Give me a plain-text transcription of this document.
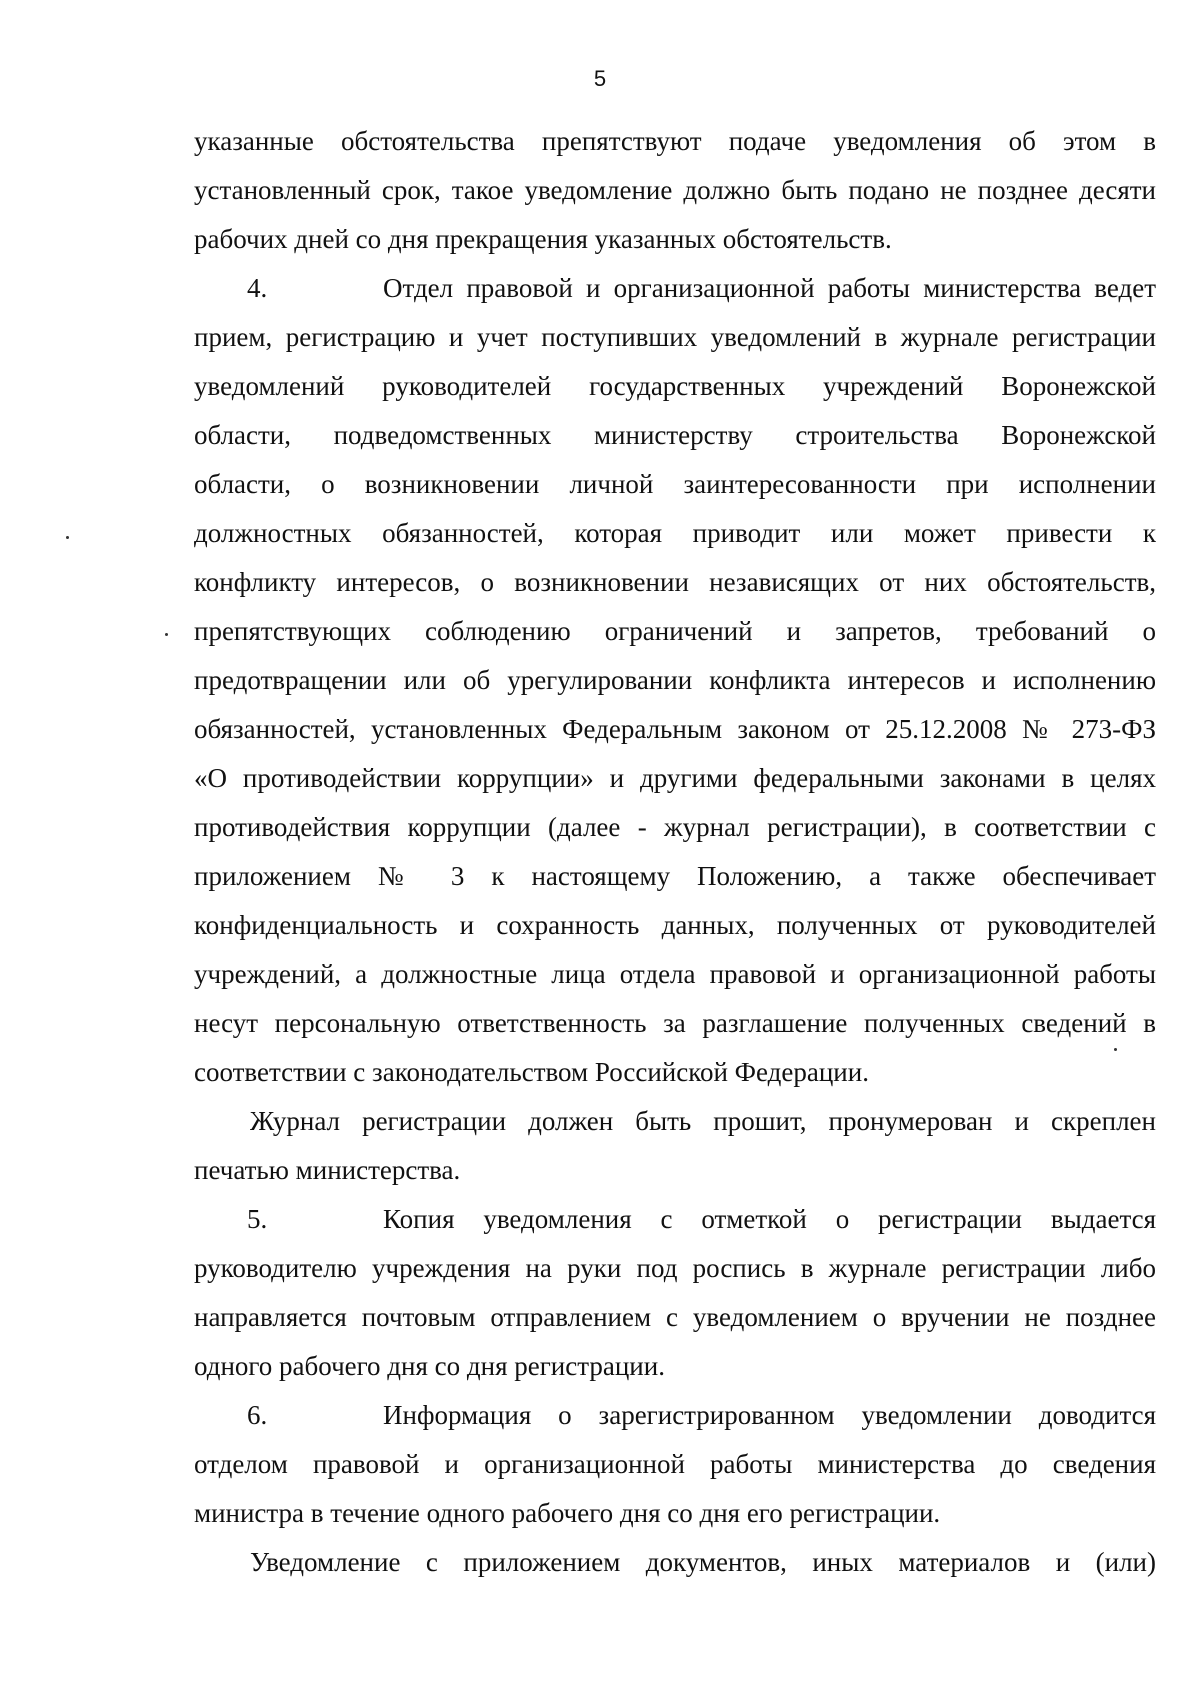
5
указанные обстоятельства препятствуют подаче уведомления об этом в
установленный срок, такое уведомление должно быть подано не позднее десяти
рабочих дней со дня прекращения указанных обстоятельств.
4.	Отдел правовой и организационной работы министерства ведет
прием, регистрацию и учет поступивших уведомлений в журнале регистрации
уведомлений руководителей государственных учреждений Воронежской
области, подведомственных министерству строительства Воронежской
области, о возникновении личной заинтересованности при исполнении
должностных обязанностей, которая приводит или может привести к
конфликту интересов, о возникновении независящих от них обстоятельств,
препятствующих соблюдению ограничений и запретов, требований о
предотвращении или об урегулировании конфликта интересов и исполнению
обязанностей, установленных Федеральным законом от 25.12.2008 № 273-ФЗ
«О противодействии коррупции» и другими федеральными законами в целях
противодействия коррупции (далее - журнал регистрации), в соответствии с
приложением № 3 к настоящему Положению, а также обеспечивает
конфиденциальность и сохранность данных, полученных от руководителей
учреждений, а должностные лица отдела правовой и организационной работы
несут персональную ответственность за разглашение полученных сведений в
соответствии с законодательством Российской Федерации.
Журнал регистрации должен быть прошит, пронумерован и скреплен
печатью министерства.
5.	Копия уведомления с отметкой о регистрации выдается
руководителю учреждения на руки под роспись в журнале регистрации либо
направляется почтовым отправлением с уведомлением о вручении не позднее
одного рабочего дня со дня регистрации.
6.	Информация о зарегистрированном уведомлении доводится
отделом правовой и организационной работы министерства до сведения
министра в течение одного рабочего дня со дня его регистрации.
Уведомление с приложением документов, иных материалов и (или)
